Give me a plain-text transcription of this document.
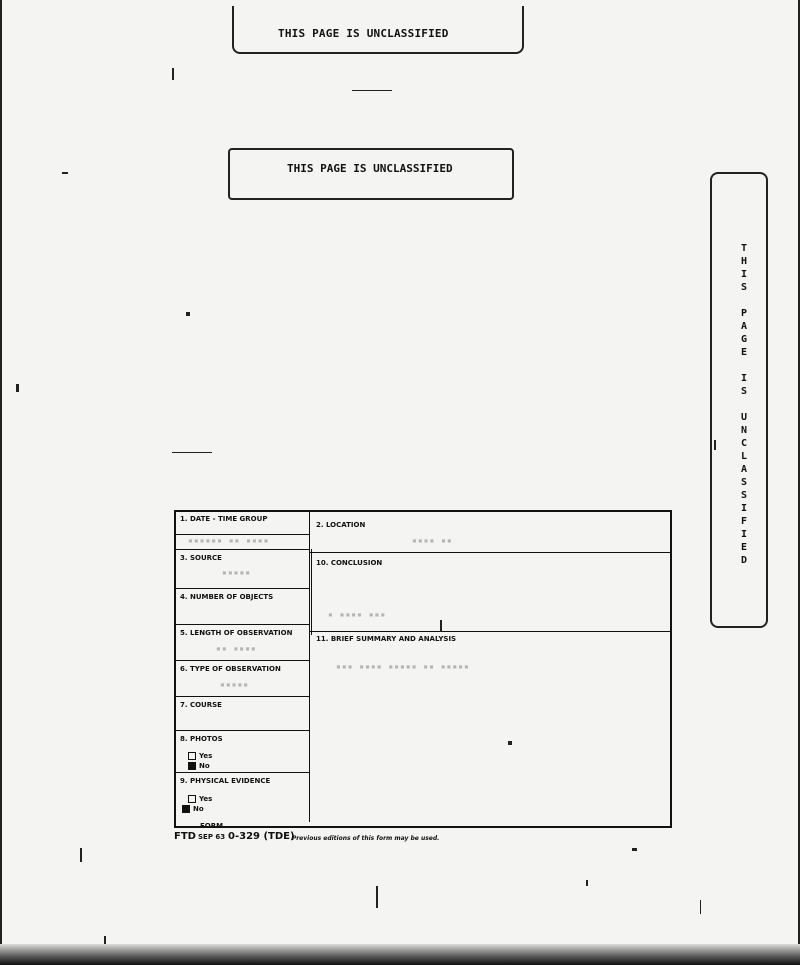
THIS PAGE IS UNCLASSIFIED
THIS PAGE IS UNCLASSIFIED
T
H
I
S

P
A
G
E

I
S

U
N
C
L
A
S
S
I
F
I
E
D
1. DATE - TIME GROUP
▪▪▪▪▪▪ ▪▪ ▪▪▪▪
2. LOCATION
▪▪▪▪ ▪▪
3. SOURCE
▪▪▪▪▪
10. CONCLUSION
▪ ▪▪▪▪ ▪▪▪
4. NUMBER OF OBJECTS
5. LENGTH OF OBSERVATION
▪▪ ▪▪▪▪
11. BRIEF SUMMARY AND ANALYSIS
▪▪▪ ▪▪▪▪ ▪▪▪▪▪ ▪▪ ▪▪▪▪▪
6. TYPE OF OBSERVATION
▪▪▪▪▪
7. COURSE
8. PHOTOS
Yes
No
9. PHYSICAL EVIDENCE
Yes
No
FORM
FTD SEP 63 0-329 (TDE)
Previous editions of this form may be used.
